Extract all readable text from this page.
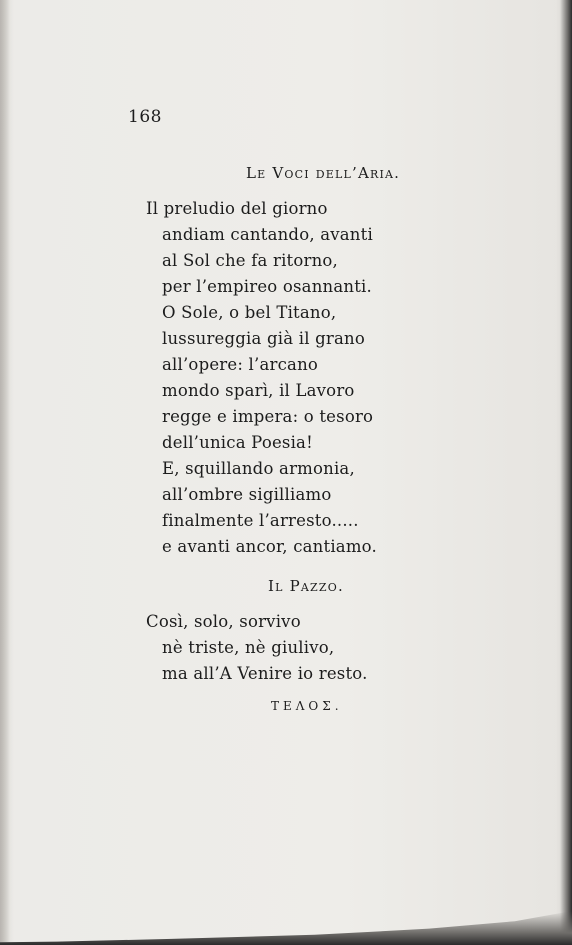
168
Le Voci dell’Aria.
Il preludio del giorno
andiam cantando, avanti
al Sol che fa ritorno,
per l’empireo osannanti.
O Sole, o bel Titano,
lussureggia già il grano
all’opere: l’arcano
mondo sparì, il Lavoro
regge e impera: o tesoro
dell’unica Poesia!
E, squillando armonia,
all’ombre sigilliamo
finalmente l’arresto.....
e avanti ancor, cantiamo.
Il Pazzo.
Così, solo, sorvivo
nè triste, nè giulivo,
ma all’A Venire io resto.
ΤΕΛΟΣ.
